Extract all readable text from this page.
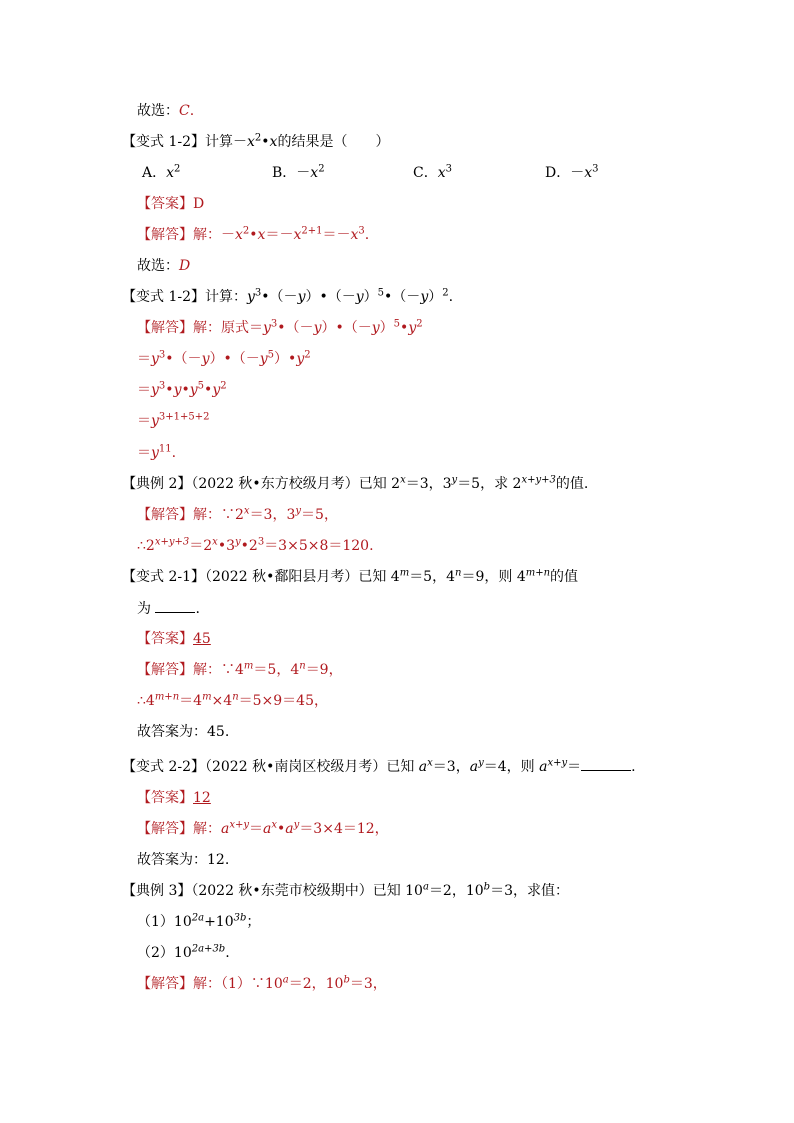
故选：C.
【变式 1-2】计算$-x^2•x$的结果是（　　）
A．$x^2$	B．$-x^2$	C．$x^3$	D．$-x^3$
【答案】D
【解答】解：$-x^2•x=-x^{2+1}=-x^3$.
故选：D
【变式 1-2】计算：$y^3•(-y)•(-y)^5•(-y)^2$.
【解答】解：原式$=y^3•(-y)•(-y)^5•y^2$
$=y^3•(-y)•(-y^5)•y^2$
$=y^3•y•y^5•y^2$
$=y^{3+1+5+2}$
$=y^{11}$.
【典例 2】（2022 秋•东方校级月考）已知 $2^x=3$，$3^y=5$，求 $2^{x+y+3}$的值.
【解答】解：$\because 2^x=3$，$3^y=5$，
$\therefore 2^{x+y+3}=2^x•3^y•2^3=3\times 5\times 8=120$.
【变式 2-1】（2022 秋•鄱阳县月考）已知 $4^m=5$，$4^n=9$，则 $4^{m+n}$的值
为	.
【答案】45
【解答】解：$\because 4^m=5$，$4^n=9$，
$\therefore 4^{m+n}=4^m\times 4^n=5\times 9=45$，
故答案为：45.
【变式 2-2】（2022 秋•南岗区校级月考）已知 $a^x=3$，$a^y=4$，则 $a^{x+y}=$	.
【答案】12
【解答】解：$a^{x+y}=a^x•a^y=3\times 4=12$，
故答案为：12.
【典例 3】（2022 秋•东莞市校级期中）已知 $10^a=2$，$10^b=3$，求值：
$(1)10^{2a}+10^{3b}$；
$(2)10^{2a+3b}$.
【解答】解：$(1)\because 10^a=2$，$10^b=3$，
